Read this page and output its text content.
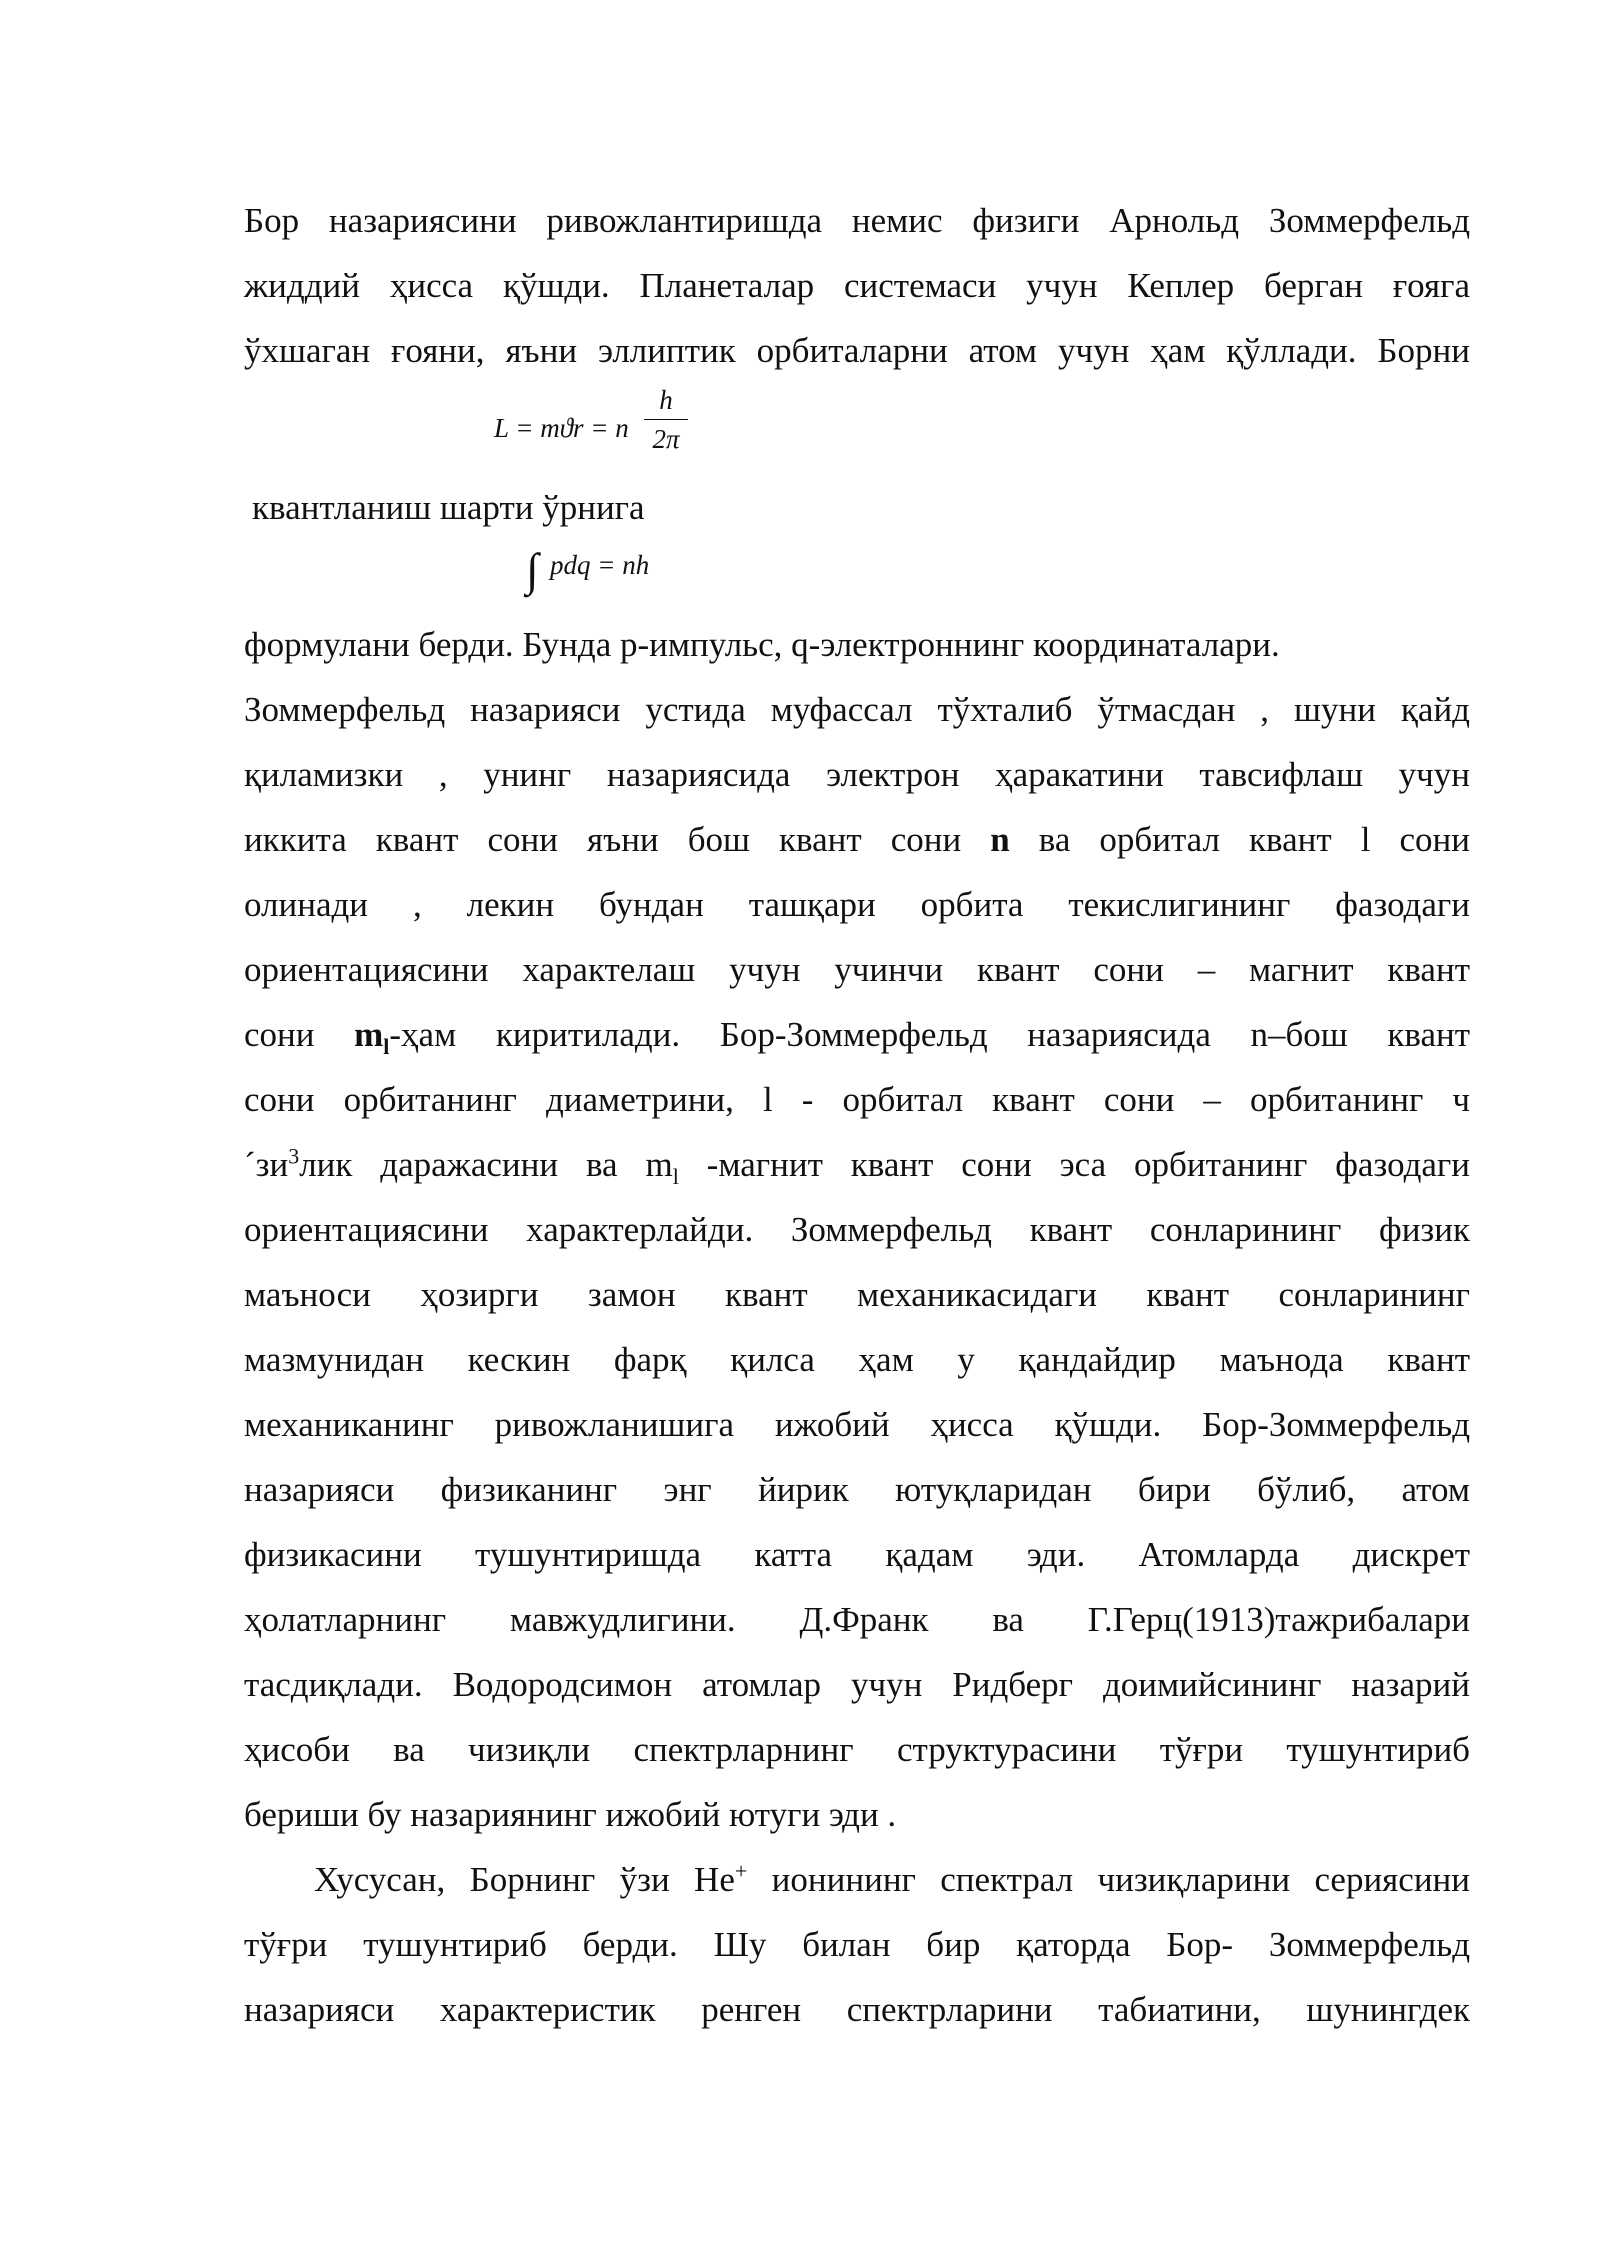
Бор назариясини ривожлантиришда немис физиги Арнольд Зоммерфельд
жиддий ҳисса қўшди. Планеталар системаси учун Кеплер берган ғояга
ўхшаган ғояни, яъни эллиптик орбиталарни атом учун ҳам қўллади. Борни
L = mϑr = n
h
2π
квантланиш шарти ўрнига
∫ pdq = nh
формулани берди. Бунда p-импульс, q-электроннинг координаталари.
Зоммерфельд назарияси устида муфассал тўхталиб ўтмасдан , шуни қайд
қиламизки , унинг назариясида электрон ҳаракатини тавсифлаш учун
иккита квант сони яъни бош квант сони n ва орбитал квант l сони
олинади , лекин бундан ташқари орбита текислигининг фазодаги
ориентациясини характелаш учун учинчи квант сони – магнит квант
сони $m_l$-ҳам киритилади. Бор-Зоммерфельд назариясида n–бош квант
сони орбитанинг диаметрини, l - орбитал квант сони – орбитанинг ч
$´зи^3лик$ даражасини ва $m_l$ -магнит квант сони эса орбитанинг фазодаги
ориентациясини характерлайди. Зоммерфельд квант сонларининг физик
маъноси ҳозирги замон квант механикасидаги квант сонларининг
мазмунидан кескин фарқ қилса ҳам у қандайдир маънода квант
механиканинг ривожланишига ижобий ҳисса қўшди. Бор-Зоммерфельд
назарияси физиканинг энг йирик ютуқларидан бири бўлиб, атом
физикасини тушунтиришда катта қадам эди. Атомларда дискрет
ҳолатларнинг мавжудлигини. Д.Франк ва Г.Герц(1913)тажрибалари
тасдиқлади. Водородсимон атомлар учун Ридберг доимийсининг назарий
ҳисоби ва чизиқли спектрларнинг структурасини тўғри тушунтириб
бериши бу назариянинг ижобий ютуги эди .
Хусусан, Борнинг ўзи He+ ионининг спектрал чизиқларини сериясини
тўғри тушунтириб берди. Шу билан бир қаторда Бор- Зоммерфельд
назарияси характеристик ренген спектрларини табиатини, шунингдек
